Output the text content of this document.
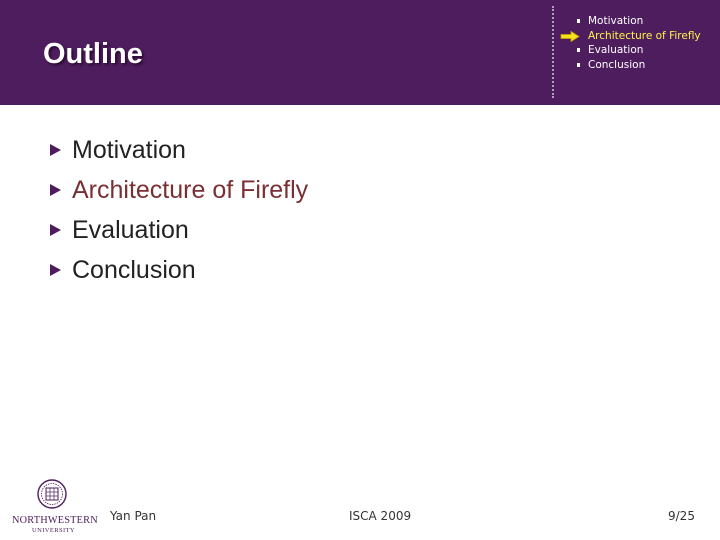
Outline
Motivation
Architecture of Firefly
Evaluation
Conclusion
Motivation
Architecture of Firefly
Evaluation
Conclusion
NORTHWESTERN
UNIVERSITY
Yan Pan	ISCA 2009	9/25
